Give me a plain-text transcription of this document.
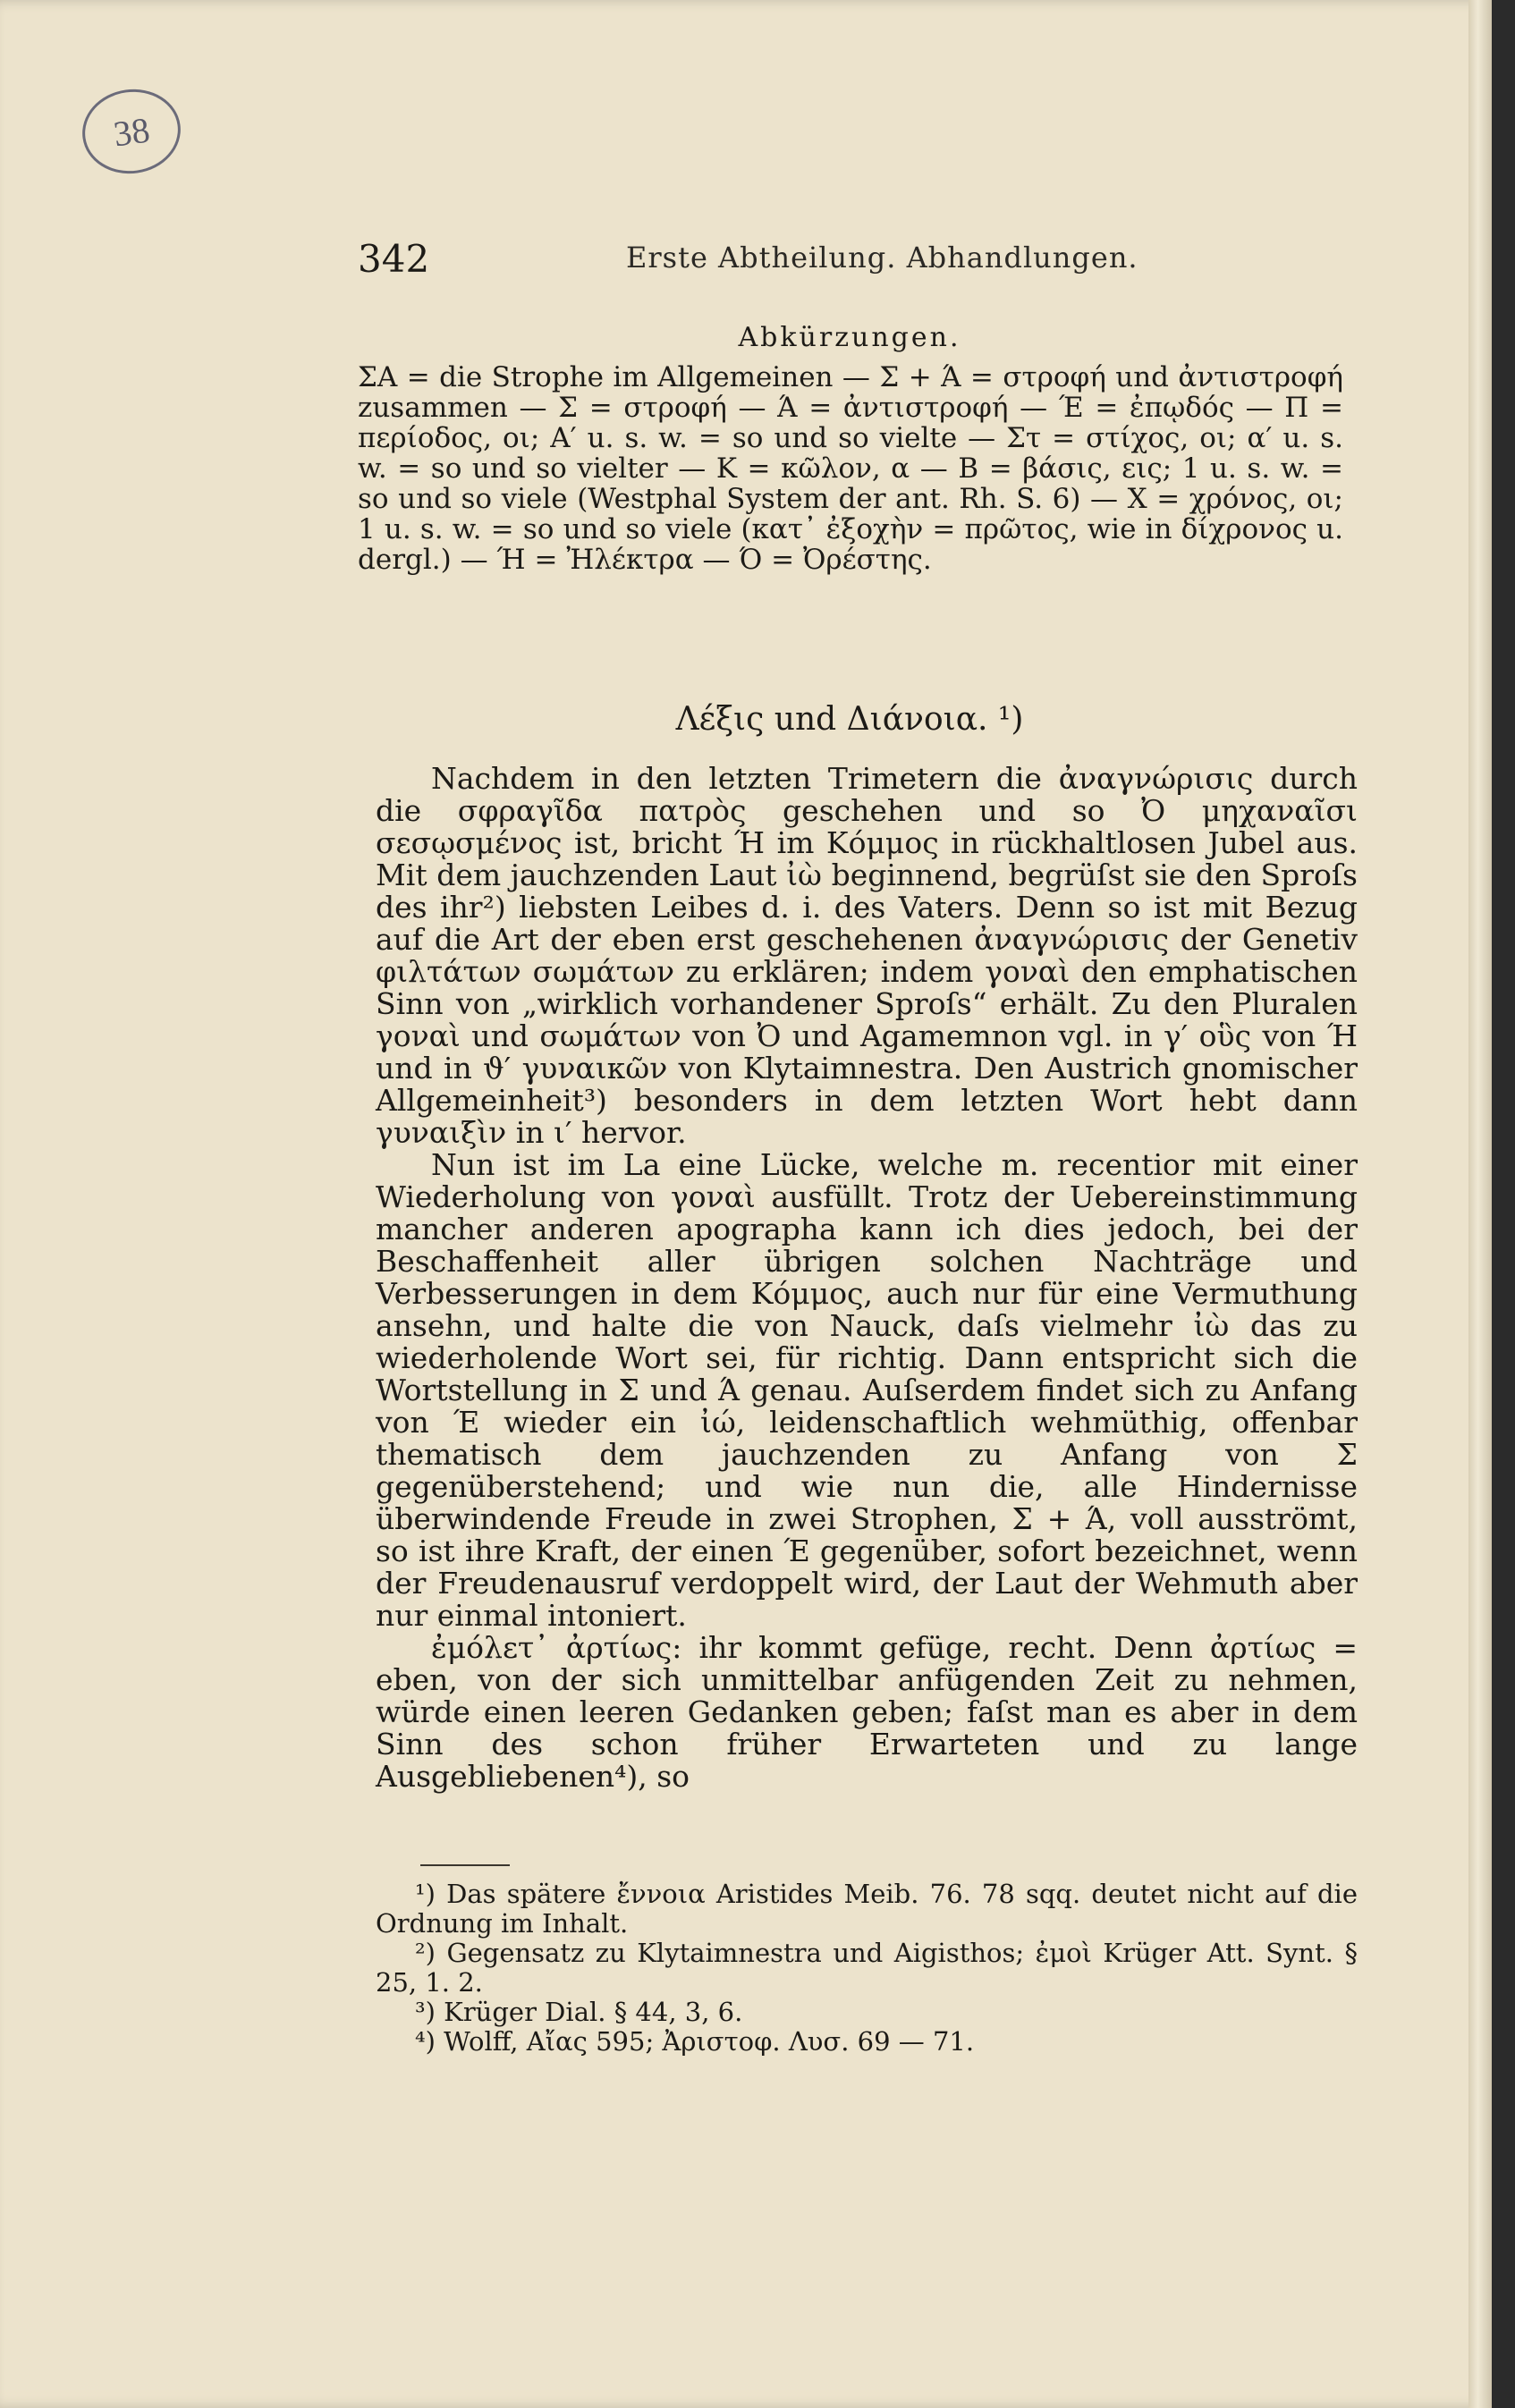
38
342	Erste Abtheilung. Abhandlungen.
Abkürzungen.
ΣΑ = die Strophe im Allgemeinen — Σ + Ά = στροφή und ἀντιστροφή zusammen — Σ = στροφή — Ά = ἀντιστροφή — Έ = ἐπῳδός — Π = περίοδος, οι; Α′ u. s. w. = so und so vielte — Στ = στίχος, οι; α′ u. s. w. = so und so vielter — Κ = κῶλον, α — Β = βάσις, εις; 1 u. s. w. = so und so viele (Westphal System der ant. Rh. S. 6) — Χ = χρόνος, οι; 1 u. s. w. = so und so viele (κατ᾽ ἐξοχὴν = πρῶτος, wie in δίχρονος u. dergl.) — Ή = Ἠλέκτρα — Ό = Ὀρέστης.
Λέξις und Διάνοια. ¹)

Nachdem in den letzten Trimetern die ἀναγνώρισις durch die σφραγῖδα πατρὸς geschehen und so Ὀ μηχαναῖσι σεσῳσμένος ist, bricht Ή im Κόμμος in rückhaltlosen Jubel aus. Mit dem jauchzenden Laut ἰὼ beginnend, begrüſst sie den Sproſs des ihr²) liebsten Leibes d. i. des Vaters. Denn so ist mit Bezug auf die Art der eben erst geschehenen ἀναγνώρισις der Genetiv φιλτάτων σωμάτων zu erklären; indem γοναὶ den emphatischen Sinn von „wirklich vorhandener Sproſs“ erhält. Zu den Pluralen γοναὶ und σωμάτων von Ὀ und Agamemnon vgl. in γ′ οὓς von Ή und in ϑ′ γυναικῶν von Klytaimnestra. Den Austrich gnomischer Allgemeinheit³) besonders in dem letzten Wort hebt dann γυναιξὶν in ι′ hervor.

Nun ist im La eine Lücke, welche m. recentior mit einer Wiederholung von γοναὶ ausfüllt. Trotz der Uebereinstimmung mancher anderen apographa kann ich dies jedoch, bei der Beschaffenheit aller übrigen solchen Nachträge und Verbesserungen in dem Κόμμος, auch nur für eine Vermuthung ansehn, und halte die von Nauck, daſs vielmehr ἰὼ das zu wiederholende Wort sei, für richtig. Dann entspricht sich die Wortstellung in Σ und Ά genau. Auſserdem findet sich zu Anfang von Έ wieder ein ἰώ, leidenschaftlich wehmüthig, offenbar thematisch dem jauchzenden zu Anfang von Σ gegenüberstehend; und wie nun die, alle Hindernisse überwindende Freude in zwei Strophen, Σ + Ά, voll ausströmt, so ist ihre Kraft, der einen Έ gegenüber, sofort bezeichnet, wenn der Freudenausruf verdoppelt wird, der Laut der Wehmuth aber nur einmal intoniert.

ἐμόλετ᾽ ἀρτίως: ihr kommt gefüge, recht. Denn ἀρτίως = eben, von der sich unmittelbar anfügenden Zeit zu nehmen, würde einen leeren Gedanken geben; faſst man es aber in dem Sinn des schon früher Erwarteten und zu lange Ausgebliebenen⁴), so

¹) Das spätere ἔννοια Aristides Meib. 76. 78 sqq. deutet nicht auf die Ordnung im Inhalt.

²) Gegensatz zu Klytaimnestra und Aigisthos; ἐμοὶ Krüger Att. Synt. § 25, 1. 2.

³) Krüger Dial. § 44, 3, 6.

⁴) Wolff, Αἴας 595; Ἀριστοφ. Λυσ. 69 — 71.
